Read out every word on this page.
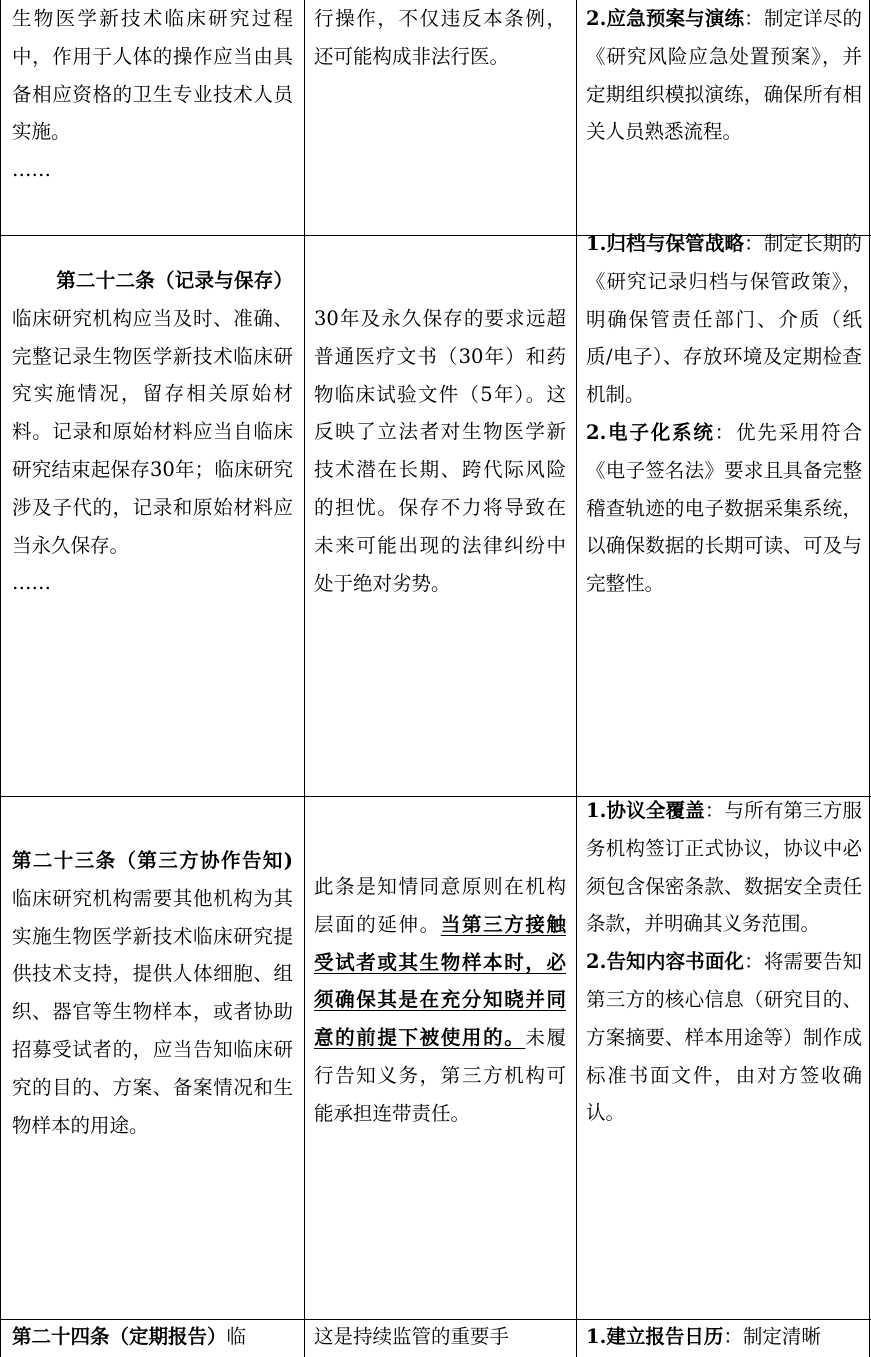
生物医学新技术临床研究过程中，作用于人体的操作应当由具备相应资格的卫生专业技术人员实施。
……
行操作，不仅违反本条例，还可能构成非法行医。
2.应急预案与演练：制定详尽的《研究风险应急处置预案》，并定期组织模拟演练，确保所有相关人员熟悉流程。
第二十二条（记录与保存）临床研究机构应当及时、准确、完整记录生物医学新技术临床研究实施情况，留存相关原始材料。记录和原始材料应当自临床研究结束起保存30年；临床研究涉及子代的，记录和原始材料应当永久保存。
……
30年及永久保存的要求远超普通医疗文书（30年）和药物临床试验文件（5年）。这反映了立法者对生物医学新技术潜在长期、跨代际风险的担忧。保存不力将导致在未来可能出现的法律纠纷中处于绝对劣势。
1.归档与保管战略：制定长期的《研究记录归档与保管政策》，明确保管责任部门、介质（纸质/电子）、存放环境及定期检查机制。
2.电子化系统：优先采用符合《电子签名法》要求且具备完整稽查轨迹的电子数据采集系统，以确保数据的长期可读、可及与完整性。
第二十三条（第三方协作告知)临床研究机构需要其他机构为其实施生物医学新技术临床研究提供技术支持，提供人体细胞、组织、器官等生物样本，或者协助招募受试者的，应当告知临床研究的目的、方案、备案情况和生物样本的用途。
此条是知情同意原则在机构层面的延伸。当第三方接触受试者或其生物样本时，必须确保其是在充分知晓并同意的前提下被使用的。未履行告知义务，第三方机构可能承担连带责任。
1.协议全覆盖：与所有第三方服务机构签订正式协议，协议中必须包含保密条款、数据安全责任条款，并明确其义务范围。
2.告知内容书面化：将需要告知第三方的核心信息（研究目的、方案摘要、样本用途等）制作成标准书面文件，由对方签收确认。
第二十四条（定期报告）临	这是持续监管的重要手	1.建立报告日历：制定清晰
